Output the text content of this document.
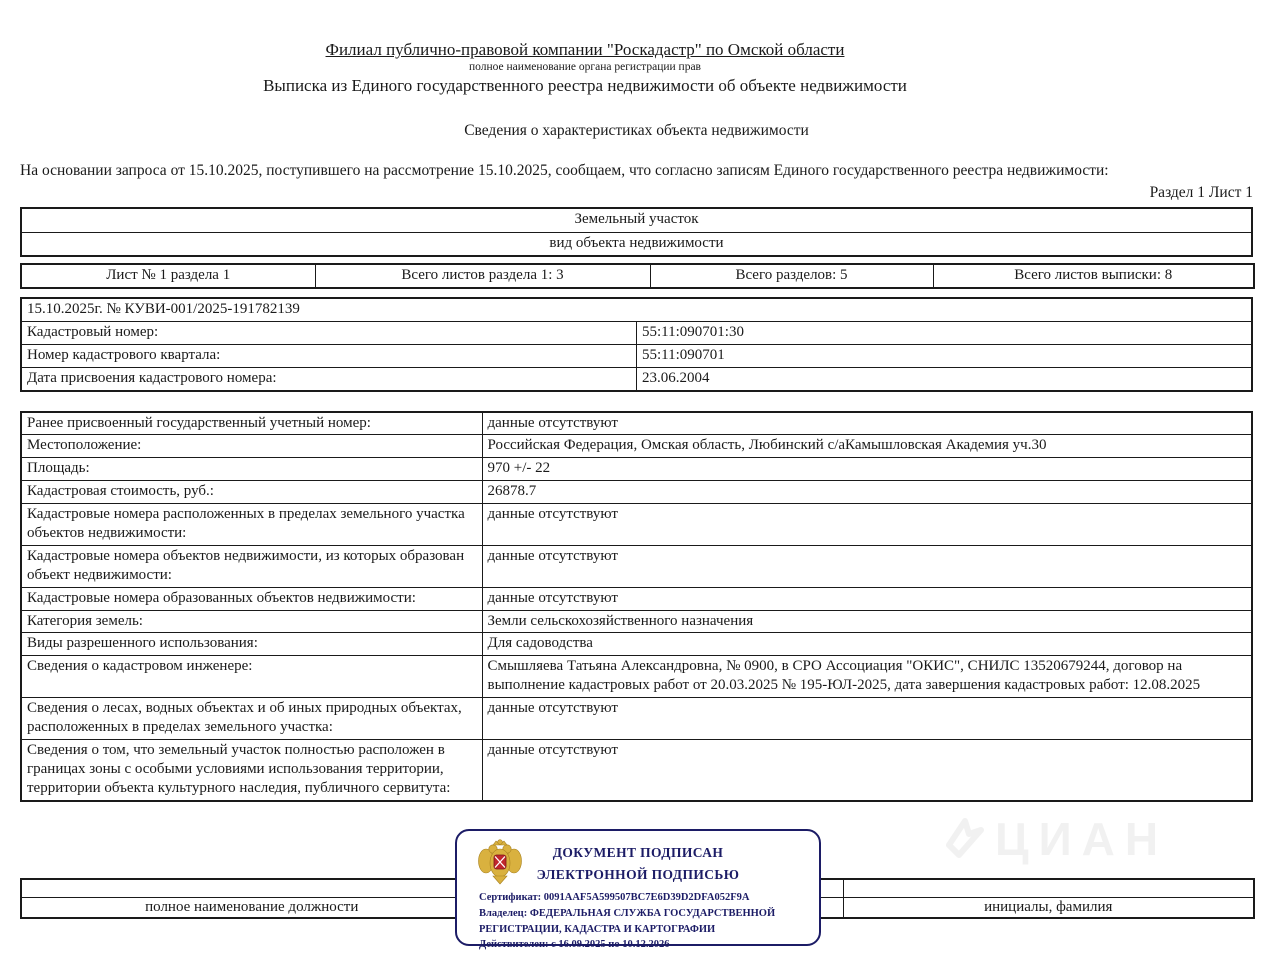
Филиал публично-правовой компании "Роскадастр" по Омской области
полное наименование органа регистрации прав
Выписка из Единого государственного реестра недвижимости об объекте недвижимости
Сведения о характеристиках объекта недвижимости
На основании запроса от 15.10.2025, поступившего на рассмотрение 15.10.2025, сообщаем, что согласно записям Единого государственного реестра недвижимости:
Раздел 1 Лист 1
Земельный участок
вид объекта недвижимости
Лист № 1 раздела 1	Всего листов раздела 1: 3	Всего разделов: 5	Всего листов выписки: 8
15.10.2025г. № КУВИ-001/2025-191782139	
Кадастровый номер:	55:11:090701:30
Номер кадастрового квартала:	55:11:090701
Дата присвоения кадастрового номера:	23.06.2004
Ранее присвоенный государственный учетный номер:	данные отсутствуют
Местоположение:	Российская Федерация, Омская область, Любинский с/аКамышловская Академия уч.30
Площадь:	970 +/- 22
Кадастровая стоимость, руб.:	26878.7
Кадастровые номера расположенных в пределах земельного участка объектов недвижимости:	данные отсутствуют
Кадастровые номера объектов недвижимости, из которых образован объект недвижимости:	данные отсутствуют
Кадастровые номера образованных объектов недвижимости:	данные отсутствуют
Категория земель:	Земли сельскохозяйственного назначения
Виды разрешенного использования:	Для садоводства
Сведения о кадастровом инженере:	Смышляева Татьяна Александровна, № 0900, в СРО Ассоциация "ОКИС", СНИЛС 13520679244, договор на выполнение кадастровых работ от 20.03.2025 № 195-ЮЛ-2025, дата завершения кадастровых работ: 12.08.2025
Сведения о лесах, водных объектах и об иных природных объектах, расположенных в пределах земельного участка:	данные отсутствуют
Сведения о том, что земельный участок полностью расположен в границах зоны с особыми условиями использования территории, территории объекта культурного наследия, публичного сервитута:	данные отсутствуют
ЦИАН

полное наименование должности		инициалы, фамилия
ДОКУМЕНТ ПОДПИСАН
ЭЛЕКТРОННОЙ ПОДПИСЬЮ
Сертификат: 0091AAF5A599507BC7E6D39D2DFA052F9A
Владелец: ФЕДЕРАЛЬНАЯ СЛУЖБА ГОСУДАРСТВЕННОЙ РЕГИСТРАЦИИ, КАДАСТРА И КАРТОГРАФИИ
Действителен: с 16.09.2025 по 10.12.2026
